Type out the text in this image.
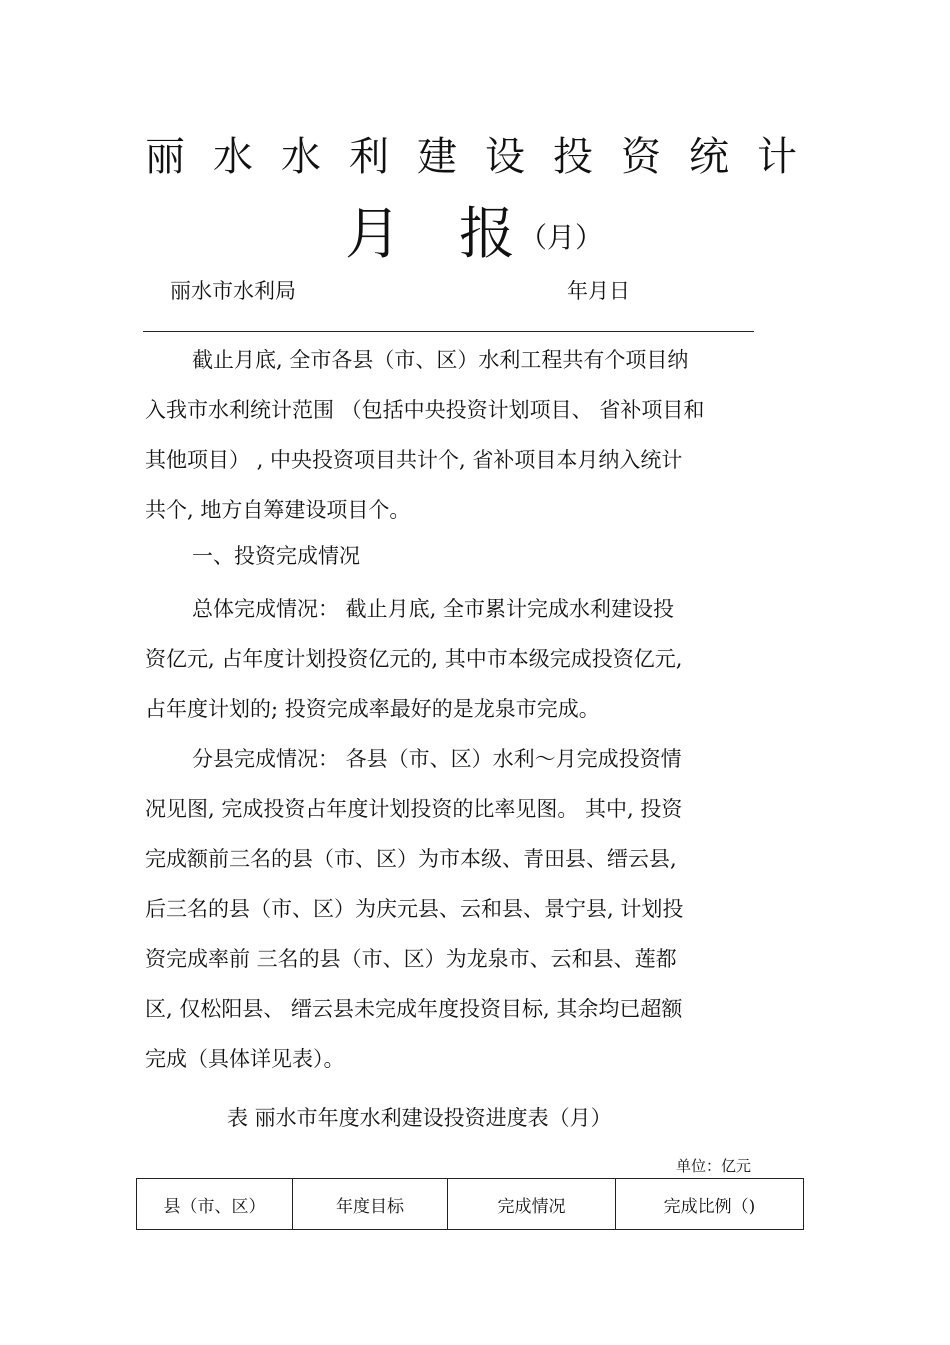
丽水水利建设投资统计
月 报 （月）
丽水市水利局	年月日
截止月底, 全市各县（市、区）水利工程共有个项目纳
入我市水利统计范围 （包括中央投资计划项目、 省补项目和
其他项目） , 中央投资项目共计个, 省补项目本月纳入统计
共个, 地方自筹建设项目个。
一、投资完成情况
总体完成情况： 截止月底, 全市累计完成水利建设投
资亿元, 占年度计划投资亿元的, 其中市本级完成投资亿元,
占年度计划的; 投资完成率最好的是龙泉市完成。
分县完成情况： 各县（市、区）水利～月完成投资情
况见图, 完成投资占年度计划投资的比率见图。 其中, 投资
完成额前三名的县（市、区）为市本级、青田县、缙云县,
后三名的县（市、区）为庆元县、云和县、景宁县, 计划投
资完成率前 三名的县（市、区）为龙泉市、云和县、莲都
区, 仅松阳县、 缙云县未完成年度投资目标, 其余均已超额
完成（具体详见表）。
表 丽水市年度水利建设投资进度表（月）
单位：亿元
县（市、区）	年度目标	完成情况	完成比例（)
